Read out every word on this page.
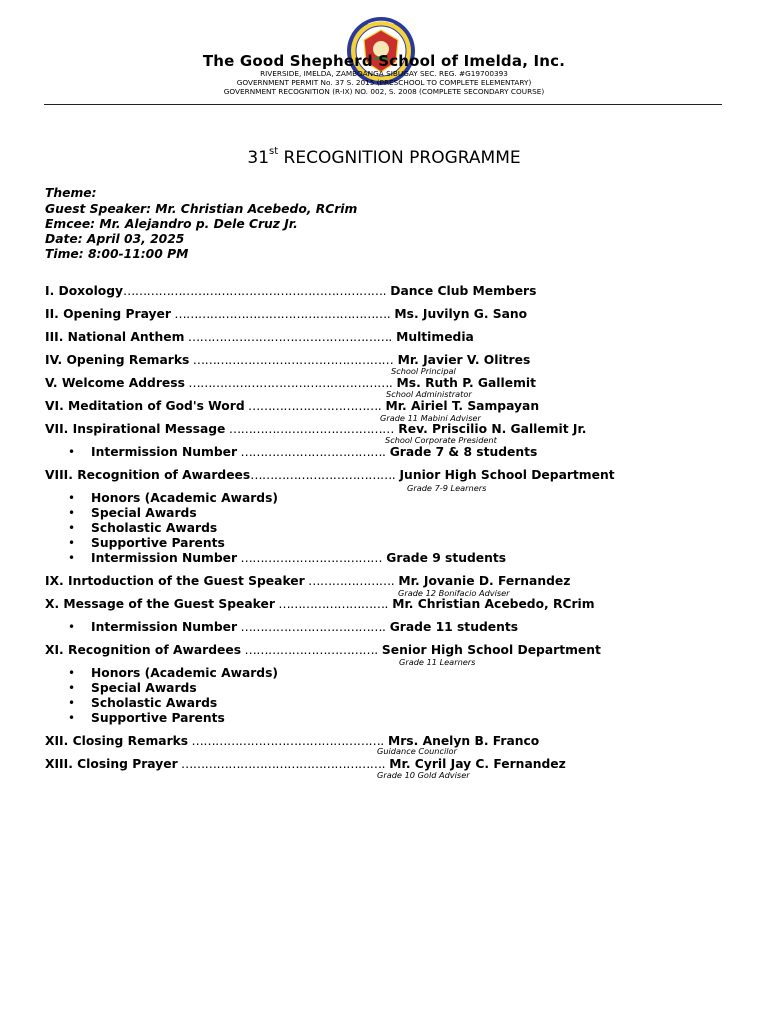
The Good Shepherd School of Imelda, Inc.
RIVERSIDE, IMELDA, ZAMBOANGA SIBUGAY SEC. REG. #G19700393
GOVERNMENT PERMIT No. 37 S. 2015 (PRESCHOOL TO COMPLETE ELEMENTARY)
GOVERNMENT RECOGNITION (R-IX) NO. 002, S. 2008 (COMPLETE SECONDARY COURSE)
31st RECOGNITION PROGRAMME
Theme:
Guest Speaker: Mr. Christian Acebedo, RCrim
Emcee: Mr. Alejandro p. Dele Cruz Jr.
Date: April 03, 2025
Time: 8:00-11:00 PM
I. Doxology…………………………………………………………. Dance Club Members
II. Opening Prayer ………………………………………………. Ms. Juvilyn G. Sano
III. National Anthem ……………………………………………. Multimedia
IV. Opening Remarks …………………………………………… Mr. Javier V. Olitres
School Principal
V. Welcome Address ……………………………………………. Ms. Ruth P. Gallemit
School Administrator
VI. Meditation of God's Word ……………………………. Mr. Airiel T. Sampayan
Grade 11 Mabini Adviser
VII. Inspirational Message …………………………………… Rev. Priscilio N. Gallemit Jr.
School Corporate President
• Intermission Number ………………………………. Grade 7 & 8 students
VIII. Recognition of Awardees………………………………. Junior High School Department
Grade 7-9 Learners
• Honors (Academic Awards)
• Special Awards
• Scholastic Awards
• Supportive Parents
• Intermission Number ……………………………… Grade 9 students
IX. Inrtoduction of the Guest Speaker …………………. Mr. Jovanie D. Fernandez
Grade 12 Bonifacio Adviser
X. Message of the Guest Speaker ………………………. Mr. Christian Acebedo, RCrim
• Intermission Number ………………………………. Grade 11 students
XI. Recognition of Awardees ……………………………. Senior High School Department
Grade 11 Learners
• Honors (Academic Awards)
• Special Awards
• Scholastic Awards
• Supportive Parents
XII. Closing Remarks …………………………………………. Mrs. Anelyn B. Franco
Guidance Councilor
XIII. Closing Prayer ……………………………………………. Mr. Cyril Jay C. Fernandez
Grade 10 Gold Adviser
